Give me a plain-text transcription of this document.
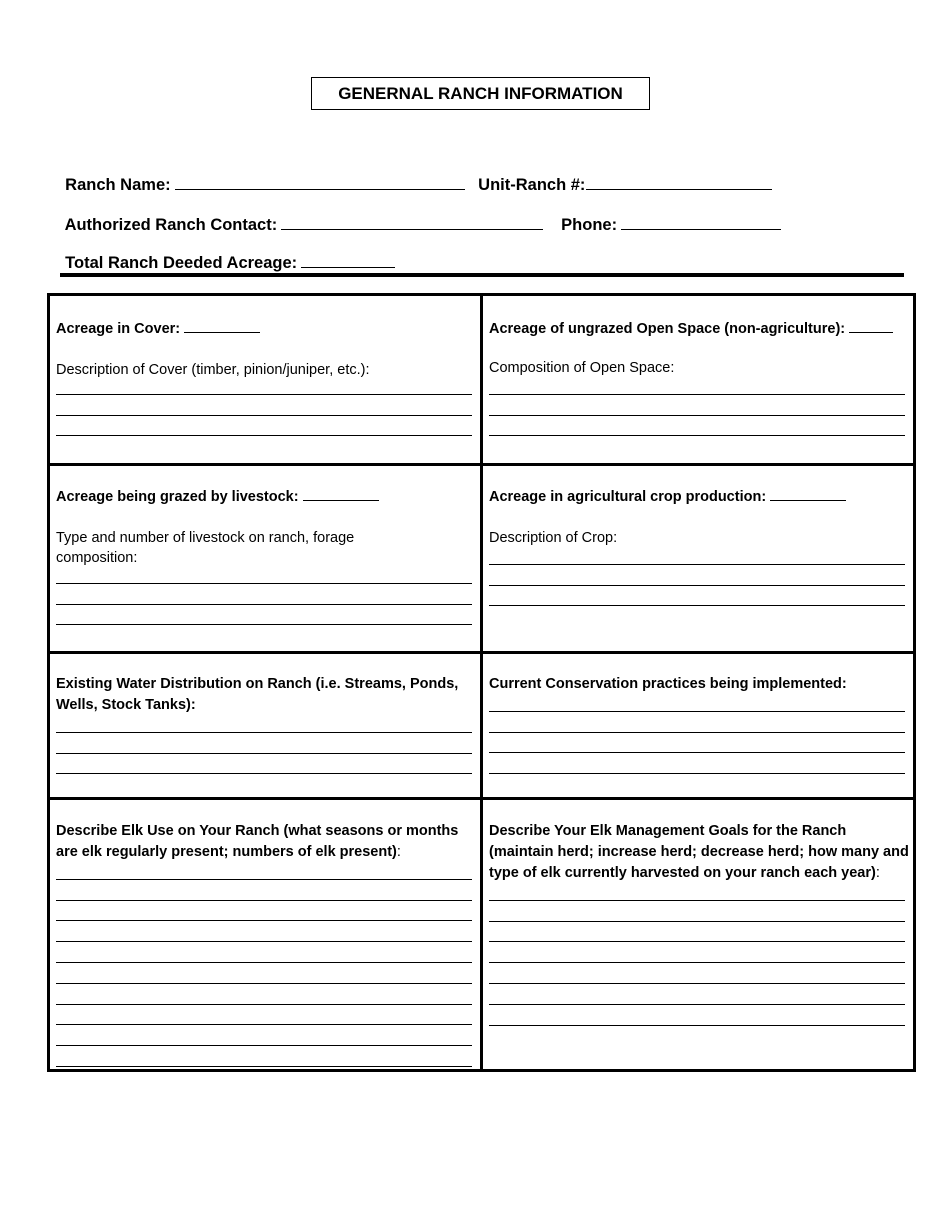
GENERNAL RANCH INFORMATION

Ranch Name:	Unit-Ranch #:

Authorized Ranch Contact:	Phone:

Total Ranch Deeded Acreage:

Acreage in Cover:
Description of Cover (timber, pinion/juniper, etc.):
Acreage of ungrazed Open Space (non-agriculture):
Composition of Open Space:
Acreage being grazed by livestock:
Type and number of livestock on ranch, forage composition:
Acreage in agricultural crop production:
Description of Crop:
Existing Water Distribution on Ranch (i.e. Streams, Ponds, Wells, Stock Tanks):
Current Conservation practices being implemented:
Describe Elk Use on Your Ranch (what seasons or months are elk regularly present; numbers of elk present):
Describe Your Elk Management Goals for the Ranch (maintain herd; increase herd; decrease herd; how many and type of elk currently harvested on your ranch each year):
